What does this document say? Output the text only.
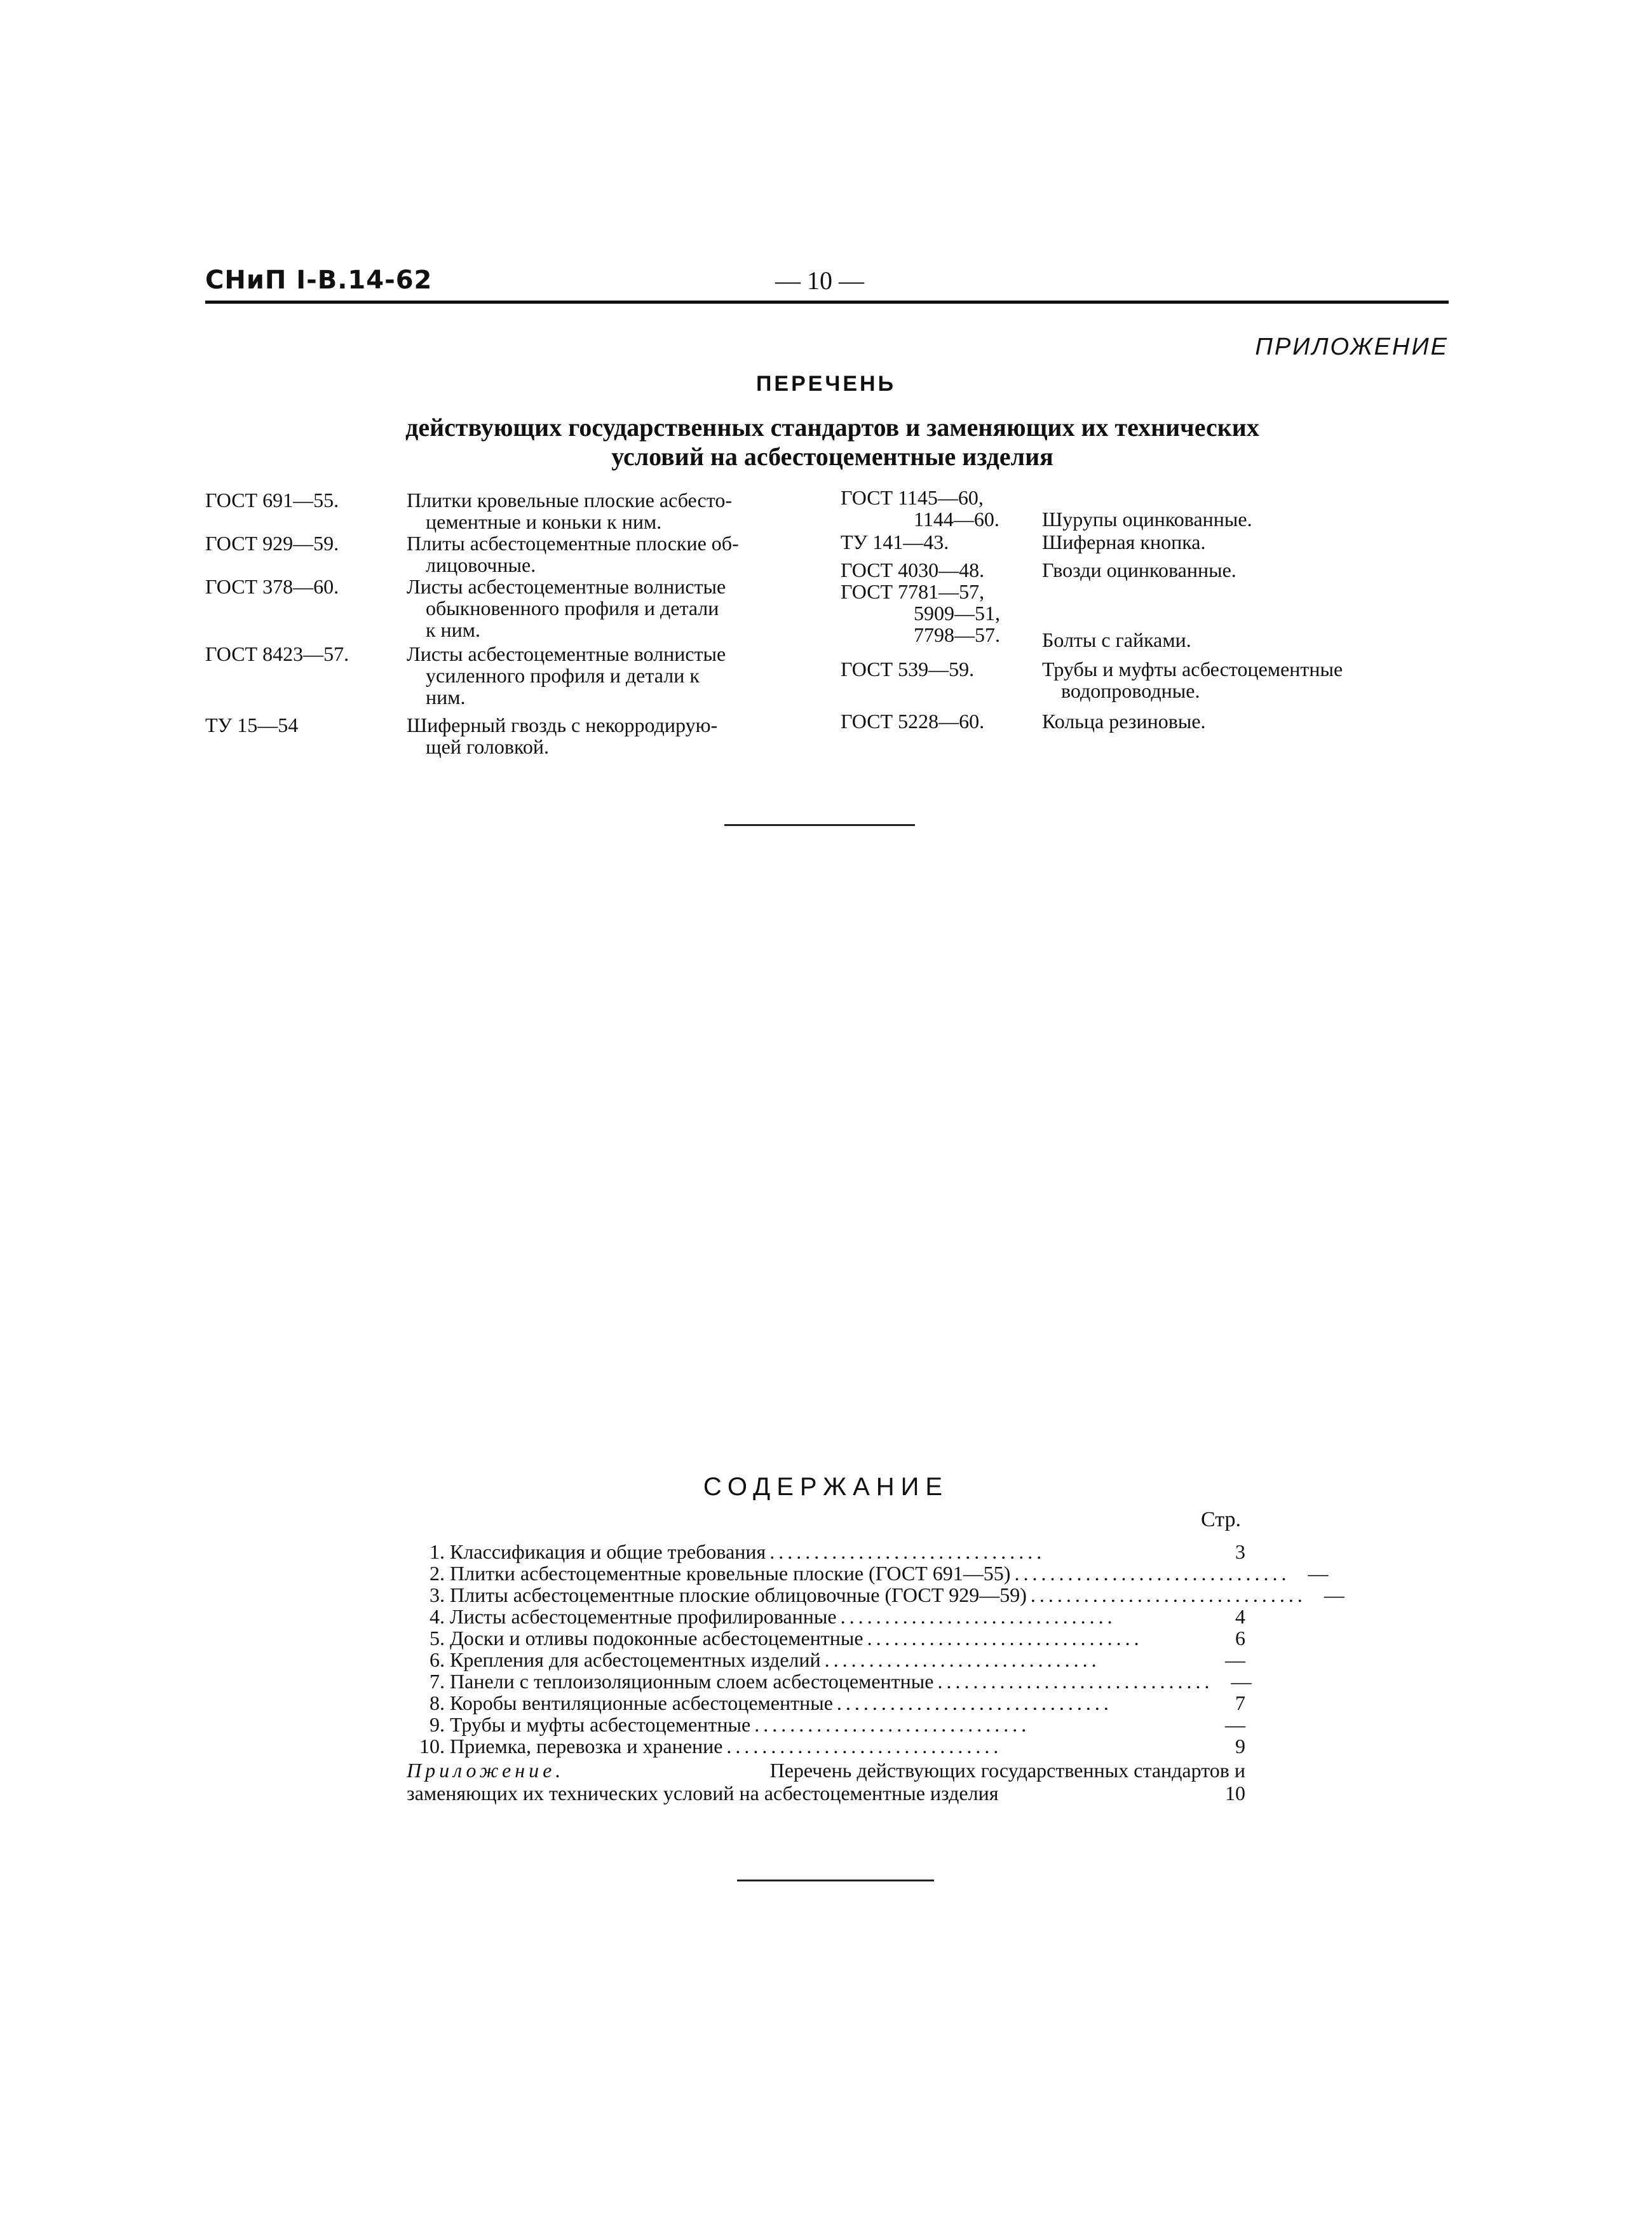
СНиП I-В.14-62	— 10 —
ПРИЛОЖЕНИЕ
ПЕРЕЧЕНЬ
действующих государственных стандартов и заменяющих их технических
условий на асбестоцементные изделия
ГОСТ 691—55.	Плитки кровельные плоские асбесто-
цементные и коньки к ним.
ГОСТ 929—59.	Плиты асбестоцементные плоские об-
лицовочные.
ГОСТ 378—60.	Листы асбестоцементные волнистые
обыкновенного профиля и детали
к ним.
ГОСТ 8423—57.	Листы асбестоцементные волнистые
усиленного профиля и детали к
ним.
ТУ 15—54	Шиферный гвоздь с некорродирую-
щей головкой.
ГОСТ 1145—60,
1144—60. Шурупы оцинкованные.
ТУ 141—43.	Шиферная кнопка.
ГОСТ 4030—48.	Гвозди оцинкованные.
ГОСТ 7781—57,
5909—51,
7798—57. Болты с гайками.
ГОСТ 539—59.	Трубы и муфты асбестоцементные
водопроводные.
ГОСТ 5228—60.	Кольца резиновые.
СОДЕРЖАНИЕ
Стр.
1. Классификация и общие требования ...............................	3
2. Плитки асбестоцементные кровельные плоские (ГОСТ 691—55) ............................... —
3. Плиты асбестоцементные плоские облицовочные (ГОСТ 929—59) ............................... —
4. Листы асбестоцементные профилированные ...............................	4
5. Доски и отливы подоконные асбестоцементные ...............................	6
6. Крепления для асбестоцементных изделий ...............................	—
7. Панели с теплоизоляционным слоем асбестоцементные ............................... —
8. Коробы вентиляционные асбестоцементные ...............................	7
9. Трубы и муфты асбестоцементные ...............................	—
10. Приемка, перевозка и хранение ...............................	9
Приложение.	Перечень действующих государственных стандартов и
заменяющих их технических условий на асбестоцементные изделия	10
